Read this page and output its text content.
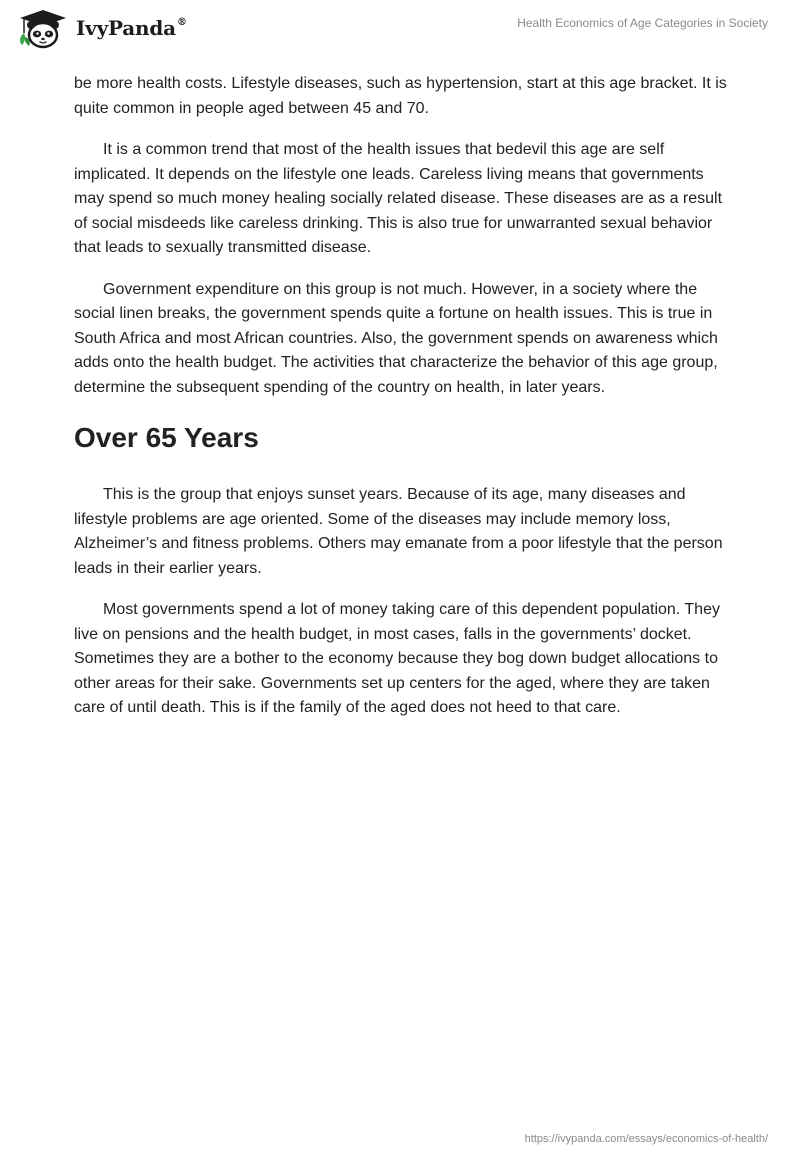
IvyPanda®	Health Economics of Age Categories in Society

be more health costs. Lifestyle diseases, such as hypertension, start at this age bracket. It is quite common in people aged between 45 and 70.

It is a common trend that most of the health issues that bedevil this age are self implicated. It depends on the lifestyle one leads. Careless living means that governments may spend so much money healing socially related disease. These diseases are as a result of social misdeeds like careless drinking. This is also true for unwarranted sexual behavior that leads to sexually transmitted disease.

Government expenditure on this group is not much. However, in a society where the social linen breaks, the government spends quite a fortune on health issues. This is true in South Africa and most African countries. Also, the government spends on awareness which adds onto the health budget. The activities that characterize the behavior of this age group, determine the subsequent spending of the country on health, in later years.

Over 65 Years

This is the group that enjoys sunset years. Because of its age, many diseases and lifestyle problems are age oriented. Some of the diseases may include memory loss, Alzheimer’s and fitness problems. Others may emanate from a poor lifestyle that the person leads in their earlier years.

Most governments spend a lot of money taking care of this dependent population. They live on pensions and the health budget, in most cases, falls in the governments’ docket. Sometimes they are a bother to the economy because they bog down budget allocations to other areas for their sake. Governments set up centers for the aged, where they are taken care of until death. This is if the family of the aged does not heed to that care.

https://ivypanda.com/essays/economics-of-health/
